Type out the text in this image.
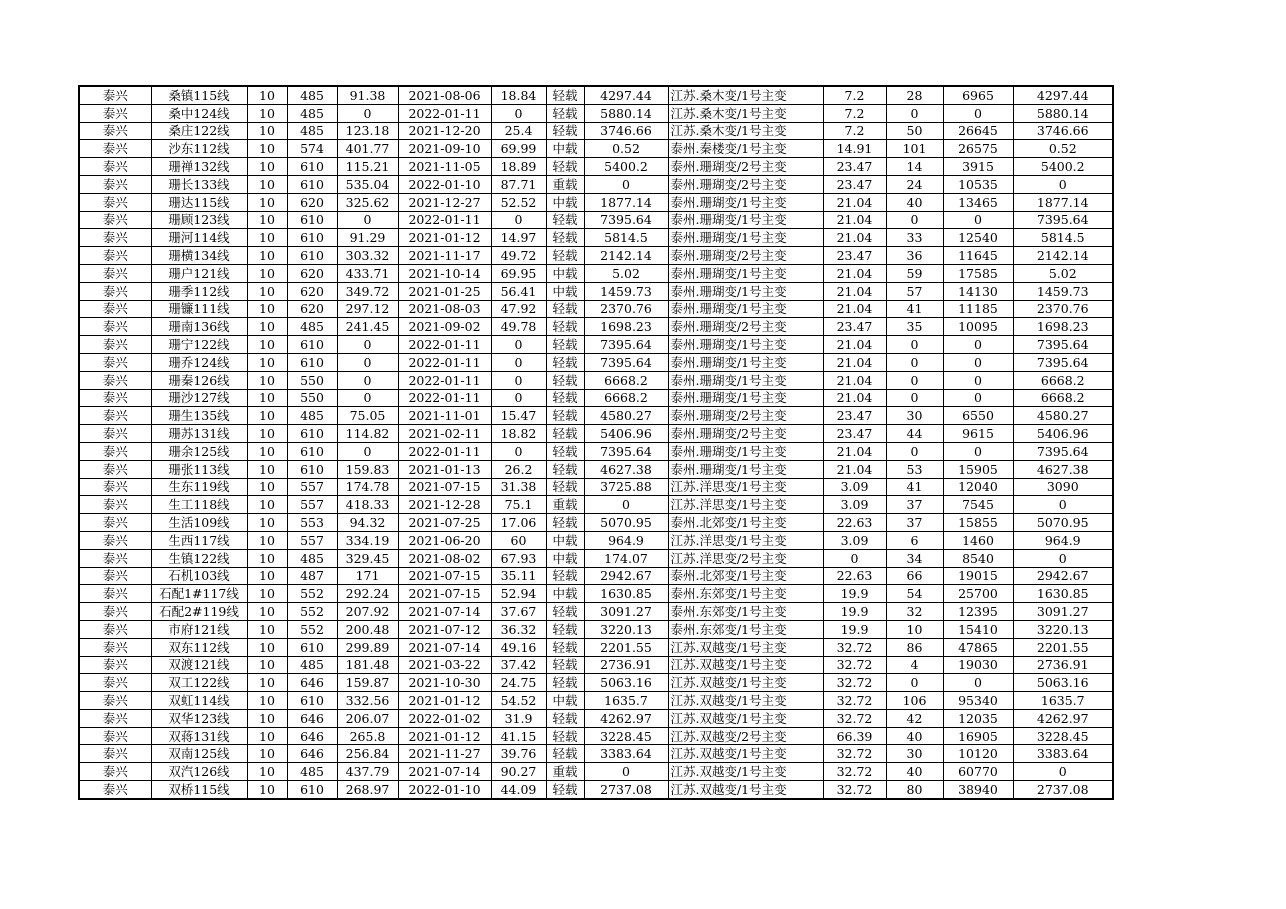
泰兴	桑镇115线	10	485	91.38	2021-08-06	18.84	轻载	4297.44	江苏.桑木变/1号主变	7.2	28	6965	4297.44
泰兴	桑中124线	10	485	0	2022-01-11	0	轻载	5880.14	江苏.桑木变/1号主变	7.2	0	0	5880.14
泰兴	桑庄122线	10	485	123.18	2021-12-20	25.4	轻载	3746.66	江苏.桑木变/1号主变	7.2	50	26645	3746.66
泰兴	沙东112线	10	574	401.77	2021-09-10	69.99	中载	0.52	泰州.秦楼变/1号主变	14.91	101	26575	0.52
泰兴	珊禅132线	10	610	115.21	2021-11-05	18.89	轻载	5400.2	泰州.珊瑚变/2号主变	23.47	14	3915	5400.2
泰兴	珊长133线	10	610	535.04	2022-01-10	87.71	重载	0	泰州.珊瑚变/2号主变	23.47	24	10535	0
泰兴	珊达115线	10	620	325.62	2021-12-27	52.52	中载	1877.14	泰州.珊瑚变/1号主变	21.04	40	13465	1877.14
泰兴	珊顾123线	10	610	0	2022-01-11	0	轻载	7395.64	泰州.珊瑚变/1号主变	21.04	0	0	7395.64
泰兴	珊河114线	10	610	91.29	2021-01-12	14.97	轻载	5814.5	泰州.珊瑚变/1号主变	21.04	33	12540	5814.5
泰兴	珊横134线	10	610	303.32	2021-11-17	49.72	轻载	2142.14	泰州.珊瑚变/2号主变	23.47	36	11645	2142.14
泰兴	珊户121线	10	620	433.71	2021-10-14	69.95	中载	5.02	泰州.珊瑚变/1号主变	21.04	59	17585	5.02
泰兴	珊季112线	10	620	349.72	2021-01-25	56.41	中载	1459.73	泰州.珊瑚变/1号主变	21.04	57	14130	1459.73
泰兴	珊镰111线	10	620	297.12	2021-08-03	47.92	轻载	2370.76	泰州.珊瑚变/1号主变	21.04	41	11185	2370.76
泰兴	珊南136线	10	485	241.45	2021-09-02	49.78	轻载	1698.23	泰州.珊瑚变/2号主变	23.47	35	10095	1698.23
泰兴	珊宁122线	10	610	0	2022-01-11	0	轻载	7395.64	泰州.珊瑚变/1号主变	21.04	0	0	7395.64
泰兴	珊乔124线	10	610	0	2022-01-11	0	轻载	7395.64	泰州.珊瑚变/1号主变	21.04	0	0	7395.64
泰兴	珊秦126线	10	550	0	2022-01-11	0	轻载	6668.2	泰州.珊瑚变/1号主变	21.04	0	0	6668.2
泰兴	珊沙127线	10	550	0	2022-01-11	0	轻载	6668.2	泰州.珊瑚变/1号主变	21.04	0	0	6668.2
泰兴	珊生135线	10	485	75.05	2021-11-01	15.47	轻载	4580.27	泰州.珊瑚变/2号主变	23.47	30	6550	4580.27
泰兴	珊苏131线	10	610	114.82	2021-02-11	18.82	轻载	5406.96	泰州.珊瑚变/2号主变	23.47	44	9615	5406.96
泰兴	珊余125线	10	610	0	2022-01-11	0	轻载	7395.64	泰州.珊瑚变/1号主变	21.04	0	0	7395.64
泰兴	珊张113线	10	610	159.83	2021-01-13	26.2	轻载	4627.38	泰州.珊瑚变/1号主变	21.04	53	15905	4627.38
泰兴	生东119线	10	557	174.78	2021-07-15	31.38	轻载	3725.88	江苏.洋思变/1号主变	3.09	41	12040	3090
泰兴	生工118线	10	557	418.33	2021-12-28	75.1	重载	0	江苏.洋思变/1号主变	3.09	37	7545	0
泰兴	生活109线	10	553	94.32	2021-07-25	17.06	轻载	5070.95	泰州.北郊变/1号主变	22.63	37	15855	5070.95
泰兴	生西117线	10	557	334.19	2021-06-20	60	中载	964.9	江苏.洋思变/1号主变	3.09	6	1460	964.9
泰兴	生镇122线	10	485	329.45	2021-08-02	67.93	中载	174.07	江苏.洋思变/2号主变	0	34	8540	0
泰兴	石机103线	10	487	171	2021-07-15	35.11	轻载	2942.67	泰州.北郊变/1号主变	22.63	66	19015	2942.67
泰兴	石配1#117线	10	552	292.24	2021-07-15	52.94	中载	1630.85	泰州.东郊变/1号主变	19.9	54	25700	1630.85
泰兴	石配2#119线	10	552	207.92	2021-07-14	37.67	轻载	3091.27	泰州.东郊变/1号主变	19.9	32	12395	3091.27
泰兴	市府121线	10	552	200.48	2021-07-12	36.32	轻载	3220.13	泰州.东郊变/1号主变	19.9	10	15410	3220.13
泰兴	双东112线	10	610	299.89	2021-07-14	49.16	轻载	2201.55	江苏.双越变/1号主变	32.72	86	47865	2201.55
泰兴	双渡121线	10	485	181.48	2021-03-22	37.42	轻载	2736.91	江苏.双越变/1号主变	32.72	4	19030	2736.91
泰兴	双工122线	10	646	159.87	2021-10-30	24.75	轻载	5063.16	江苏.双越变/1号主变	32.72	0	0	5063.16
泰兴	双虹114线	10	610	332.56	2021-01-12	54.52	中载	1635.7	江苏.双越变/1号主变	32.72	106	95340	1635.7
泰兴	双华123线	10	646	206.07	2022-01-02	31.9	轻载	4262.97	江苏.双越变/1号主变	32.72	42	12035	4262.97
泰兴	双蒋131线	10	646	265.8	2021-01-12	41.15	轻载	3228.45	江苏.双越变/2号主变	66.39	40	16905	3228.45
泰兴	双南125线	10	646	256.84	2021-11-27	39.76	轻载	3383.64	江苏.双越变/1号主变	32.72	30	10120	3383.64
泰兴	双汽126线	10	485	437.79	2021-07-14	90.27	重载	0	江苏.双越变/1号主变	32.72	40	60770	0
泰兴	双桥115线	10	610	268.97	2022-01-10	44.09	轻载	2737.08	江苏.双越变/1号主变	32.72	80	38940	2737.08
